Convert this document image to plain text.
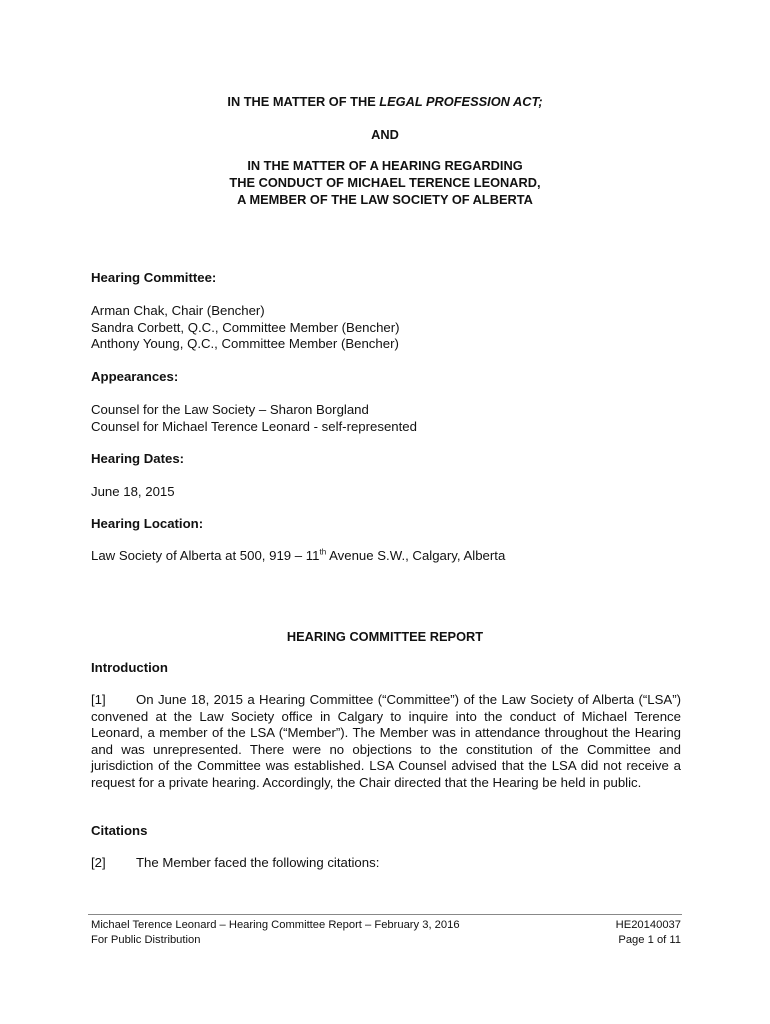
IN THE MATTER OF THE LEGAL PROFESSION ACT;
AND
IN THE MATTER OF A HEARING REGARDING
THE CONDUCT OF MICHAEL TERENCE LEONARD,
A MEMBER OF THE LAW SOCIETY OF ALBERTA
Hearing Committee:
Arman Chak, Chair (Bencher)
Sandra Corbett, Q.C., Committee Member (Bencher)
Anthony Young, Q.C., Committee Member (Bencher)
Appearances:
Counsel for the Law Society – Sharon Borgland
Counsel for Michael Terence Leonard - self-represented
Hearing Dates:
June 18, 2015
Hearing Location:
Law Society of Alberta at 500, 919 – 11th Avenue S.W., Calgary, Alberta
HEARING COMMITTEE REPORT
Introduction
[1] On June 18, 2015 a Hearing Committee (“Committee”) of the Law Society of Alberta (“LSA”) convened at the Law Society office in Calgary to inquire into the conduct of Michael Terence Leonard, a member of the LSA (“Member”). The Member was in attendance throughout the Hearing and was unrepresented. There were no objections to the constitution of the Committee and jurisdiction of the Committee was established. LSA Counsel advised that the LSA did not receive a request for a private hearing. Accordingly, the Chair directed that the Hearing be held in public.
Citations
[2] The Member faced the following citations:
Michael Terence Leonard – Hearing Committee Report – February 3, 2016
For Public Distribution
HE20140037
Page 1 of 11
